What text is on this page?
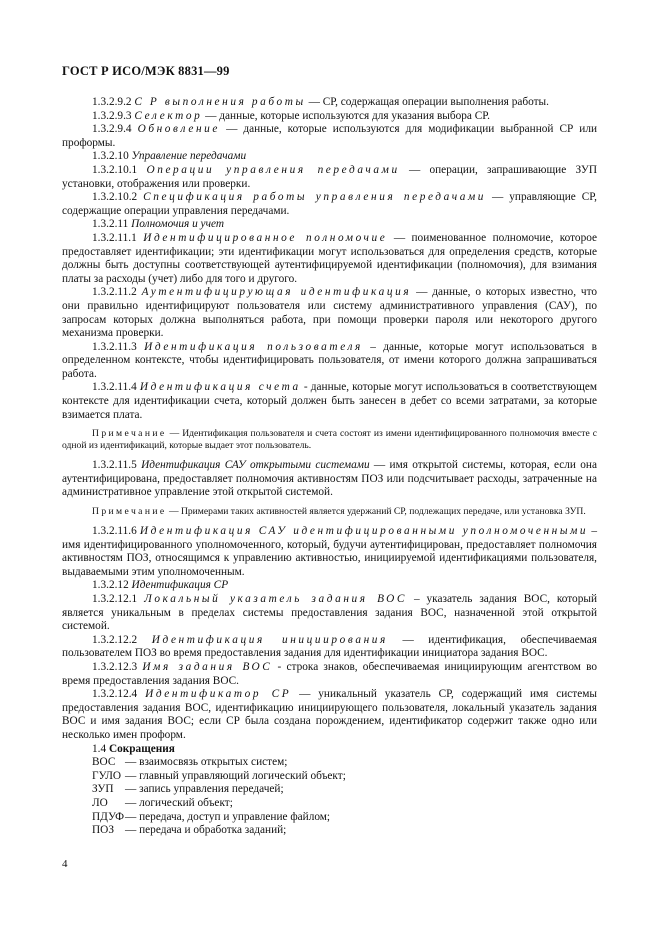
ГОСТ Р ИСО/МЭК 8831—99

1.3.2.9.2 С Р выполнения работы — СР, содержащая операции выполнения работы.

1.3.2.9.3 Селектор — данные, которые используются для указания выбора СР.

1.3.2.9.4 Обновление — данные, которые используются для модификации выбранной СР или проформы.

1.3.2.10 Управление передачами

1.3.2.10.1 Операции управления передачами — операции, запрашивающие ЗУП установки, отображения или проверки.

1.3.2.10.2 Спецификация работы управления передачами — управляющие СР, содержащие операции управления передачами.

1.3.2.11 Полномочия и учет

1.3.2.11.1 Идентифицированное полномочие — поименованное полномочие, которое предоставляет идентификации; эти идентификации могут использоваться для определения средств, которые должны быть доступны соответствующей аутентифицируемой идентификации (полномочия), для взимания платы за расходы (учет) либо для того и другого.

1.3.2.11.2 Аутентифицирующая идентификация — данные, о которых известно, что они правильно идентифицируют пользователя или систему административного управления (САУ), по запросам которых должна выполняться работа, при помощи проверки пароля или некоторого другого механизма проверки.

1.3.2.11.3 Идентификация пользователя – данные, которые могут использоваться в определенном контексте, чтобы идентифицировать пользователя, от имени которого должна запрашиваться работа.

1.3.2.11.4 Идентификация счета - данные, которые могут использоваться в соответствующем контексте для идентификации счета, который должен быть занесен в дебет со всеми затратами, за которые взимается плата.

Примечание — Идентификация пользователя и счета состоят из имени идентифицированного полномочия вместе с одной из идентификаций, которые выдает этот пользователь.

1.3.2.11.5 Идентификация САУ открытыми системами — имя открытой системы, которая, если она аутентифицирована, предоставляет полномочия активностям ПОЗ или подсчитывает расходы, затраченные на административное управление этой открытой системой.

Примечание — Примерами таких активностей является удержаний СР, подлежащих передаче, или установка ЗУП.

1.3.2.11.6 Идентификация САУ идентифицированными уполномоченными – имя идентифицированного уполномоченного, который, будучи аутентифицирован, предоставляет полномочия активностям ПОЗ, относящимся к управлению активностью, инициируемой идентификациями пользователя, выдаваемыми этим уполномоченным.

1.3.2.12 Идентификация СР

1.3.2.12.1 Локальный указатель задания ВОС – указатель задания ВОС, который является уникальным в пределах системы предоставления задания ВОС, назначенной этой открытой системой.

1.3.2.12.2 Идентификация инициирования — идентификация, обеспечиваемая пользователем ПОЗ во время предоставления задания для идентификации инициатора задания ВОС.

1.3.2.12.3 Имя задания ВОС - строка знаков, обеспечиваемая инициирующим агентством во время предоставления задания ВОС.

1.3.2.12.4 Идентификатор СР — уникальный указатель СР, содержащий имя системы предоставления задания ВОС, идентификацию инициирующего пользователя, локальный указатель задания ВОС и имя задания ВОС; если СР была создана порождением, идентификатор содержит также одно или несколько имен проформ.

1.4 Сокращения

ВОС — взаимосвязь открытых систем;
ГУЛО — главный управляющий логический объект;
ЗУП	— запись управления передачей;
ЛО	— логический объект;
ПДУФ — передача, доступ и управление файлом;
ПОЗ — передача и обработка заданий;
4
